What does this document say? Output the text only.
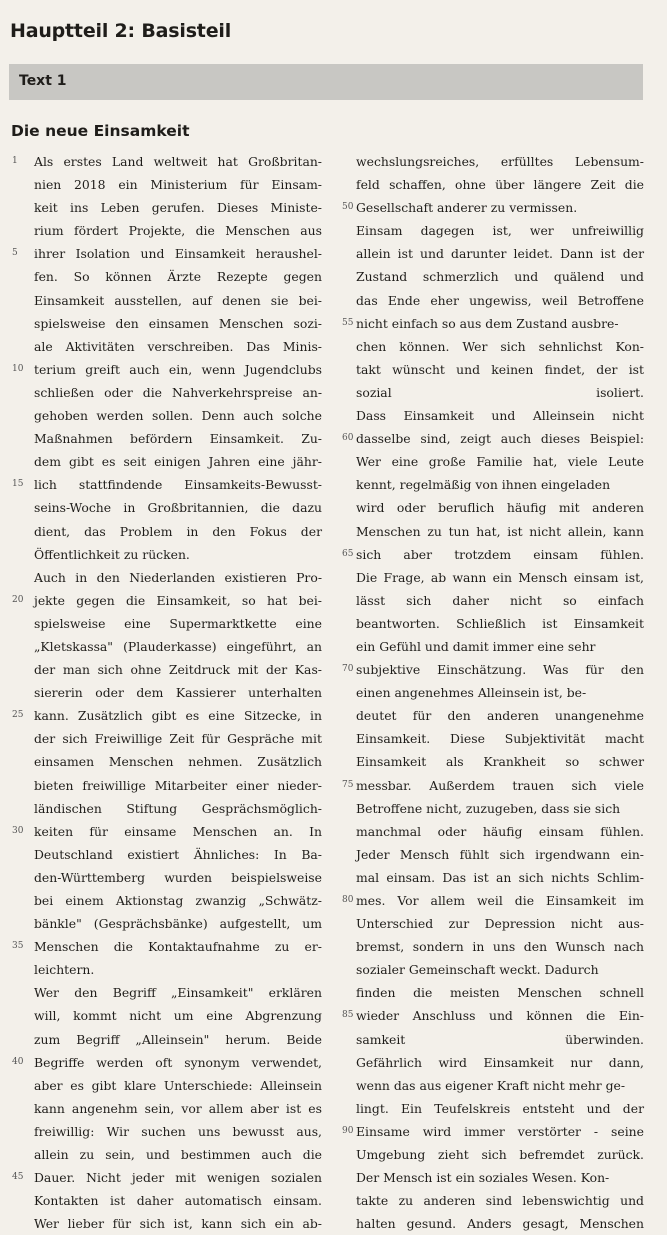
Hauptteil 2: Basisteil
Text 1
Die neue Einsamkeit
1 Als erstes Land weltweit hat Großbritan-
nien 2018 ein Ministerium für Einsam-
keit ins Leben gerufen. Dieses Ministe-
rium fördert Projekte, die Menschen aus
5 ihrer Isolation und Einsamkeit heraushel-
fen. So können Ärzte Rezepte gegen
Einsamkeit ausstellen, auf denen sie bei-
spielsweise den einsamen Menschen sozi-
ale Aktivitäten verschreiben. Das Minis-
10 terium greift auch ein, wenn Jugendclubs
schließen oder die Nahverkehrspreise an-
gehoben werden sollen. Denn auch solche
Maßnahmen befördern Einsamkeit. Zu-
dem gibt es seit einigen Jahren eine jähr-
15 lich stattfindende Einsamkeits-Bewusst-
seins-Woche in Großbritannien, die dazu
dient, das Problem in den Fokus der
Öffentlichkeit zu rücken.
Auch in den Niederlanden existieren Pro-
20 jekte gegen die Einsamkeit, so hat bei-
spielsweise eine Supermarktkette eine
„Kletskassa" (Plauderkasse) eingeführt, an
der man sich ohne Zeitdruck mit der Kas-
siererin oder dem Kassierer unterhalten
25 kann. Zusätzlich gibt es eine Sitzecke, in
der sich Freiwillige Zeit für Gespräche mit
einsamen Menschen nehmen. Zusätzlich
bieten freiwillige Mitarbeiter einer nieder-
ländischen Stiftung Gesprächsmöglich-
30 keiten für einsame Menschen an. In
Deutschland existiert Ähnliches: In Ba-
den-Württemberg wurden beispielsweise
bei einem Aktionstag zwanzig „Schwätz-
bänkle" (Gesprächsbänke) aufgestellt, um
35 Menschen die Kontaktaufnahme zu er-
leichtern.
Wer den Begriff „Einsamkeit" erklären
will, kommt nicht um eine Abgrenzung
zum Begriff „Alleinsein" herum. Beide
40 Begriffe werden oft synonym verwendet,
aber es gibt klare Unterschiede: Alleinsein
kann angenehm sein, vor allem aber ist es
freiwillig: Wir suchen uns bewusst aus,
allein zu sein, und bestimmen auch die
45 Dauer. Nicht jeder mit wenigen sozialen
Kontakten ist daher automatisch einsam.
Wer lieber für sich ist, kann sich ein ab-
wechslungsreiches, erfülltes Lebensum-
feld schaffen, ohne über längere Zeit die
50 Gesellschaft anderer zu vermissen.
Einsam dagegen ist, wer unfreiwillig
allein ist und darunter leidet. Dann ist der
Zustand schmerzlich und quälend und
das Ende eher ungewiss, weil Betroffene
55 nicht einfach so aus dem Zustand ausbre-
chen können. Wer sich sehnlichst Kon-
takt wünscht und keinen findet, der ist
sozial isoliert.
Dass Einsamkeit und Alleinsein nicht
60 dasselbe sind, zeigt auch dieses Beispiel:
Wer eine große Familie hat, viele Leute
kennt, regelmäßig von ihnen eingeladen
wird oder beruflich häufig mit anderen
Menschen zu tun hat, ist nicht allein, kann
65 sich aber trotzdem einsam fühlen.
Die Frage, ab wann ein Mensch einsam ist,
lässt sich daher nicht so einfach
beantworten. Schließlich ist Einsamkeit
ein Gefühl und damit immer eine sehr
70 subjektive Einschätzung. Was für den
einen angenehmes Alleinsein ist, be-
deutet für den anderen unangenehme
Einsamkeit. Diese Subjektivität macht
Einsamkeit als Krankheit so schwer
75 messbar. Außerdem trauen sich viele
Betroffene nicht, zuzugeben, dass sie sich
manchmal oder häufig einsam fühlen.
Jeder Mensch fühlt sich irgendwann ein-
mal einsam. Das ist an sich nichts Schlim-
80 mes. Vor allem weil die Einsamkeit im
Unterschied zur Depression nicht aus-
bremst, sondern in uns den Wunsch nach
sozialer Gemeinschaft weckt. Dadurch
finden die meisten Menschen schnell
85 wieder Anschluss und können die Ein-
samkeit überwinden.
Gefährlich wird Einsamkeit nur dann,
wenn das aus eigener Kraft nicht mehr ge-
lingt. Ein Teufelskreis entsteht und der
90 Einsame wird immer verstörter - seine
Umgebung zieht sich befremdet zurück.
Der Mensch ist ein soziales Wesen. Kon-
takte zu anderen sind lebenswichtig und
halten gesund. Anders gesagt, Menschen
